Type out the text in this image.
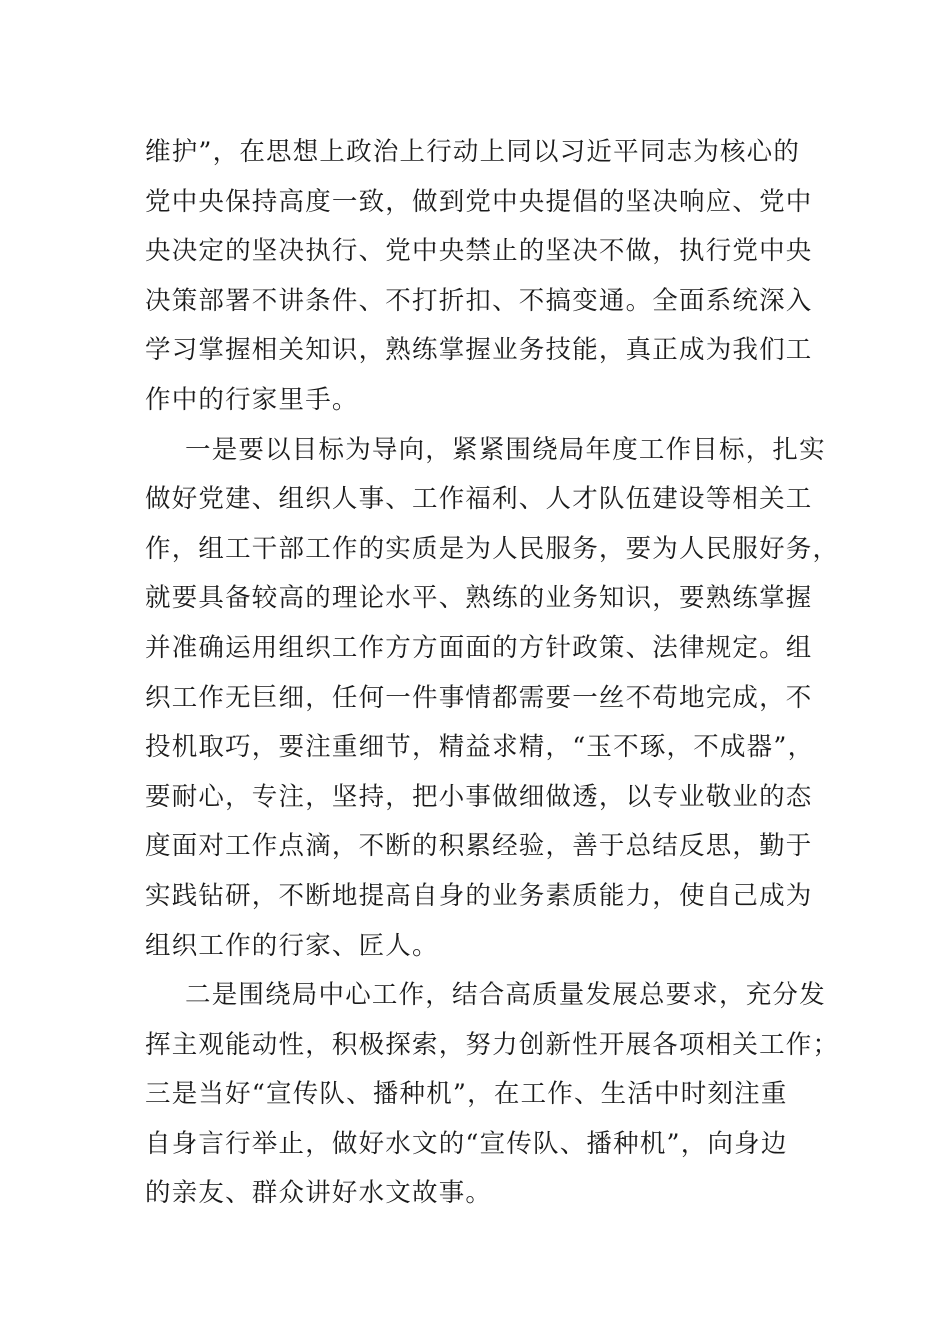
维护”，在思想上政治上行动上同以习近平同志为核心的
党中央保持高度一致，做到党中央提倡的坚决响应、党中
央决定的坚决执行、党中央禁止的坚决不做，执行党中央
决策部署不讲条件、不打折扣、不搞变通。全面系统深入
学习掌握相关知识，熟练掌握业务技能，真正成为我们工
作中的行家里手。
一是要以目标为导向，紧紧围绕局年度工作目标，扎实
做好党建、组织人事、工作福利、人才队伍建设等相关工
作，组工干部工作的实质是为人民服务，要为人民服好务，
就要具备较高的理论水平、熟练的业务知识，要熟练掌握
并准确运用组织工作方方面面的方针政策、法律规定。组
织工作无巨细，任何一件事情都需要一丝不苟地完成，不
投机取巧，要注重细节，精益求精，“玉不琢，不成器”，
要耐心，专注，坚持，把小事做细做透，以专业敬业的态
度面对工作点滴，不断的积累经验，善于总结反思，勤于
实践钻研，不断地提高自身的业务素质能力，使自己成为
组织工作的行家、匠人。
二是围绕局中心工作，结合高质量发展总要求，充分发
挥主观能动性，积极探索，努力创新性开展各项相关工作；
三是当好“宣传队、播种机”，在工作、生活中时刻注重
自身言行举止，做好水文的“宣传队、播种机”，向身边
的亲友、群众讲好水文故事。
